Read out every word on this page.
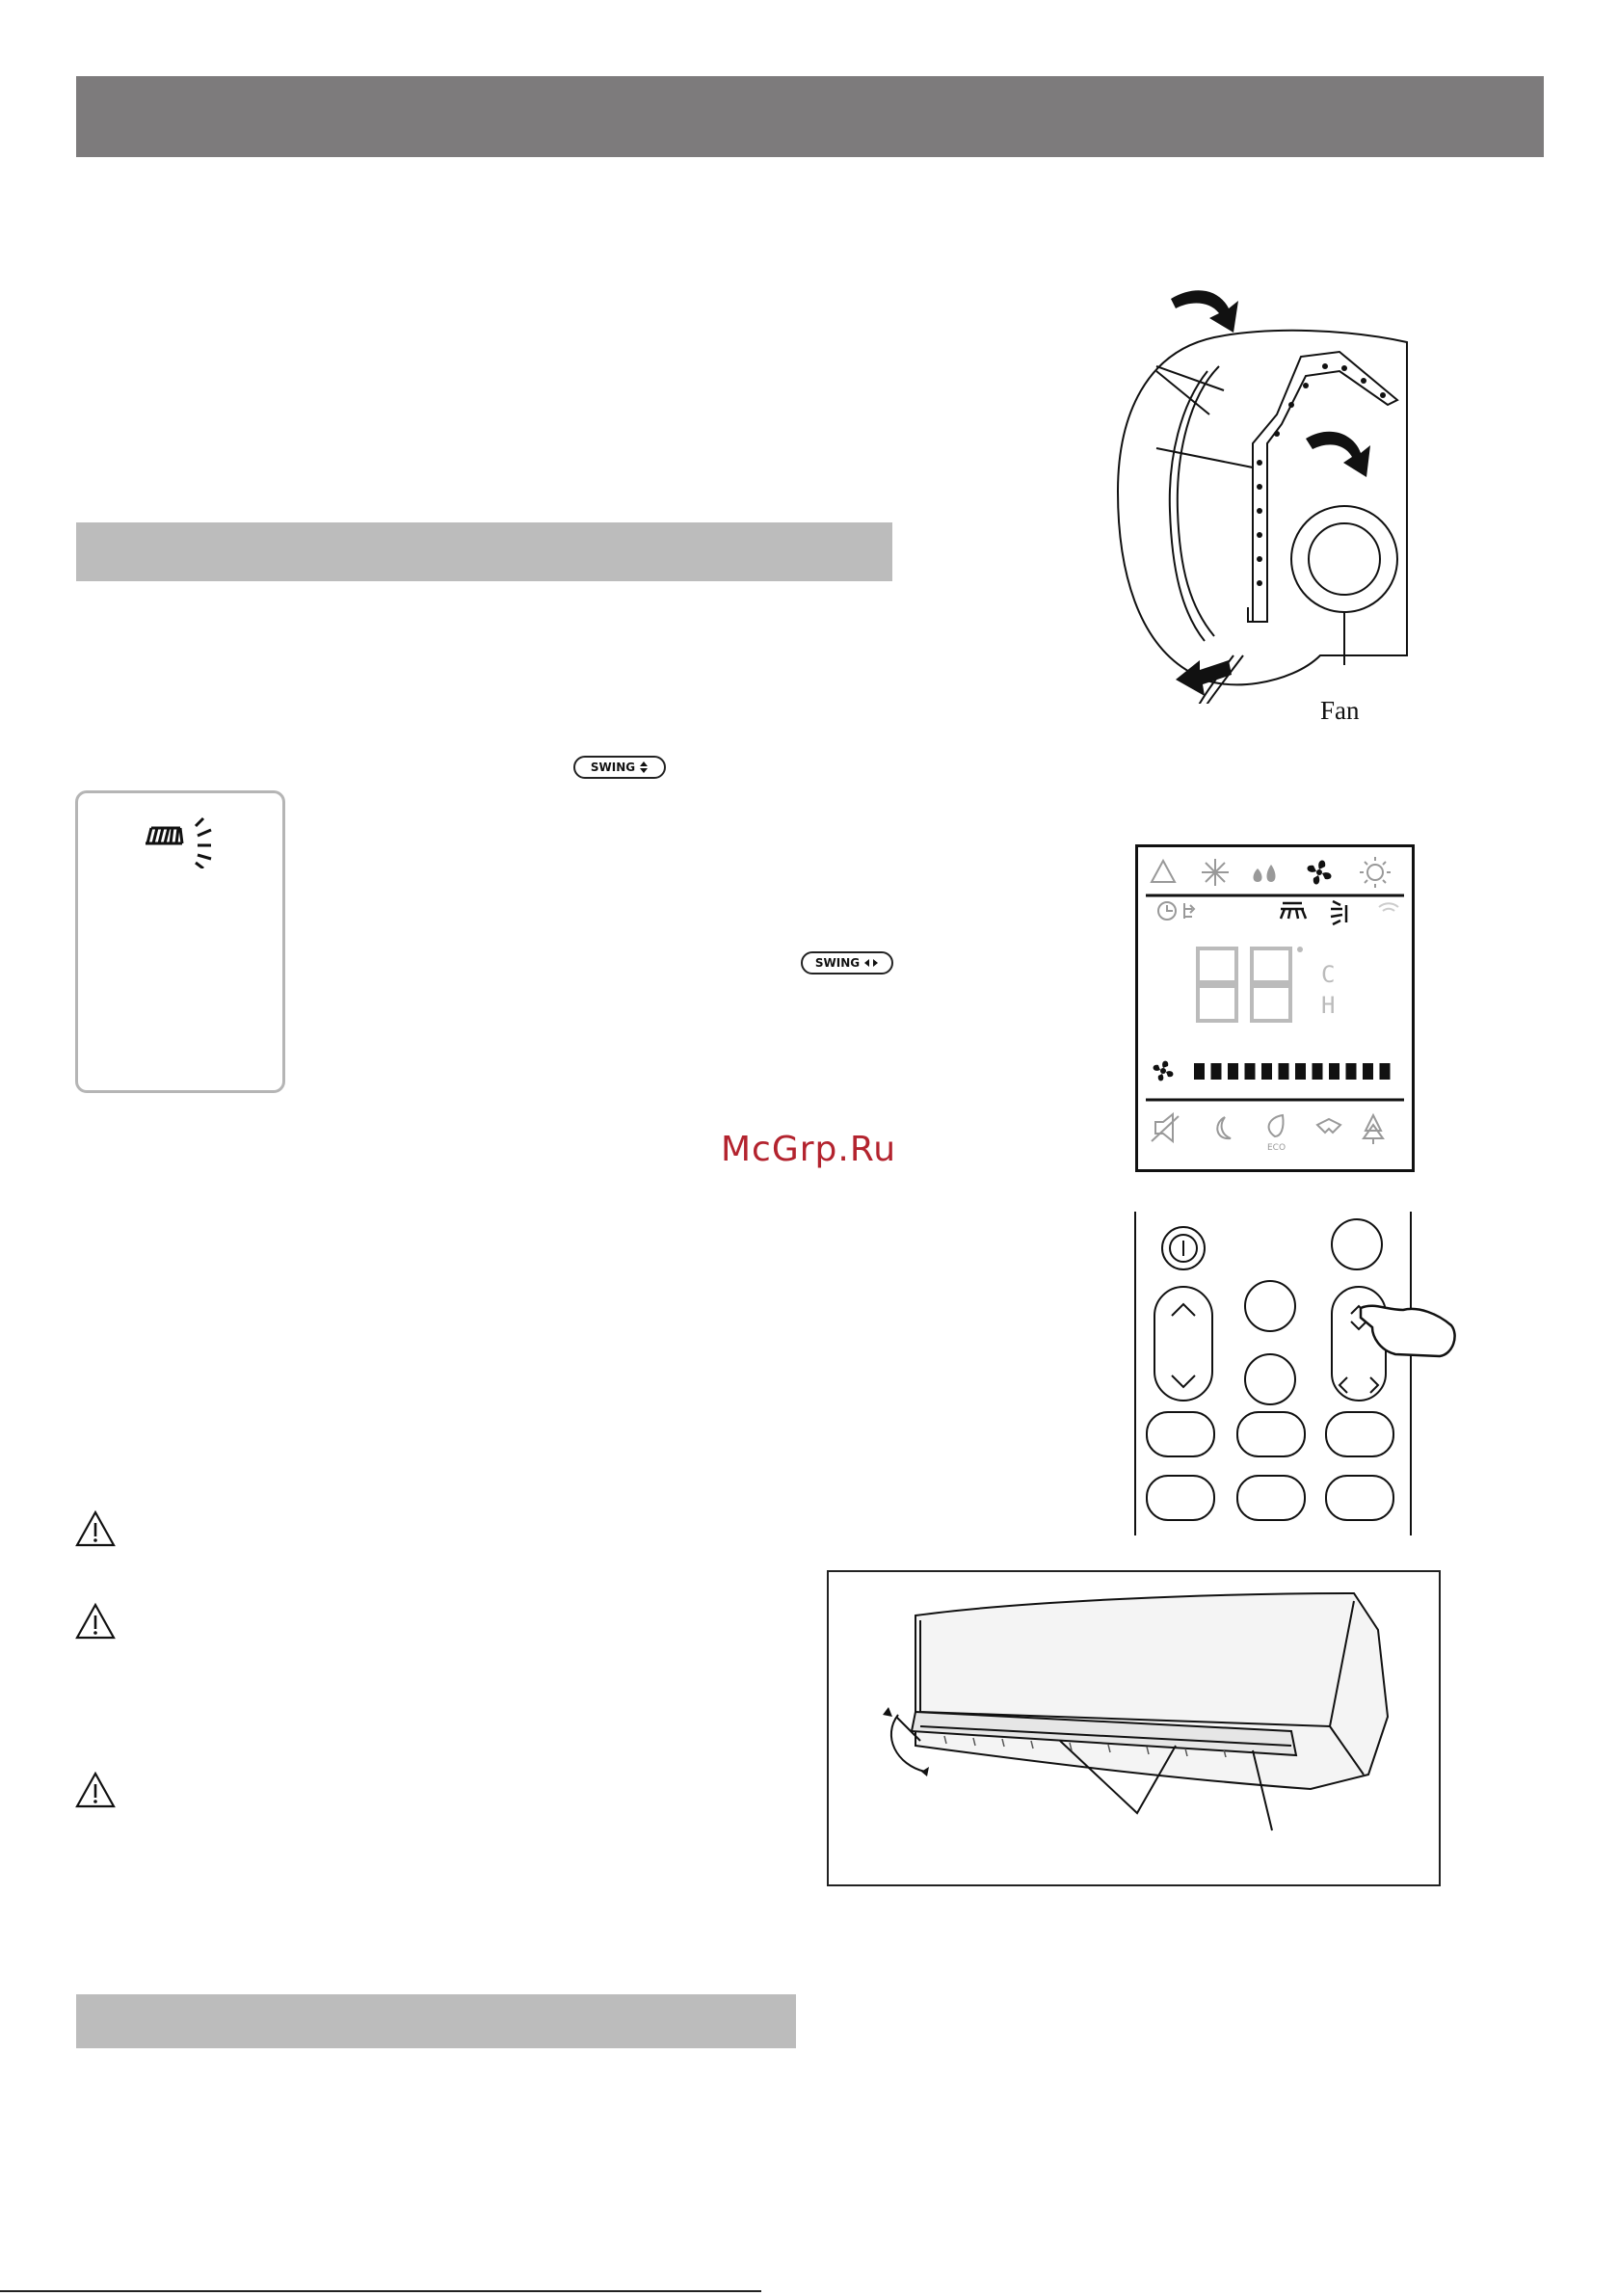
SWING
SWING
McGrp.Ru
Fan
C
H
ECO
